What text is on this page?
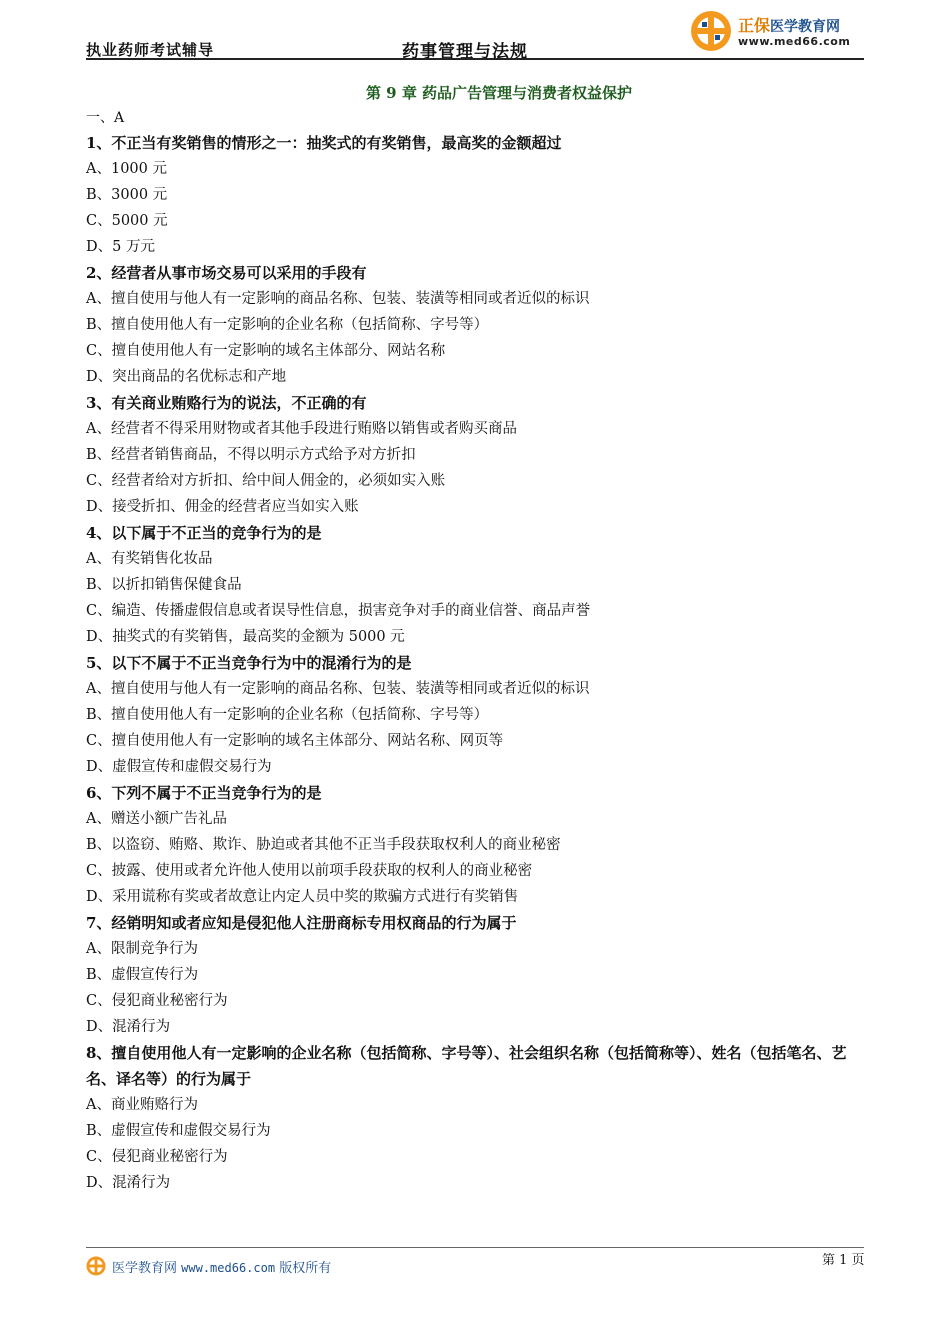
执业药师考试辅导	药事管理与法规
正保医学教育网
www.med66.com
第 9 章 药品广告管理与消费者权益保护
一、A
1、不正当有奖销售的情形之一：抽奖式的有奖销售，最高奖的金额超过
A、1000 元
B、3000 元
C、5000 元
D、5 万元
2、经营者从事市场交易可以采用的手段有
A、擅自使用与他人有一定影响的商品名称、包装、装潢等相同或者近似的标识
B、擅自使用他人有一定影响的企业名称（包括简称、字号等）
C、擅自使用他人有一定影响的域名主体部分、网站名称
D、突出商品的名优标志和产地
3、有关商业贿赂行为的说法，不正确的有
A、经营者不得采用财物或者其他手段进行贿赂以销售或者购买商品
B、经营者销售商品，不得以明示方式给予对方折扣
C、经营者给对方折扣、给中间人佣金的，必须如实入账
D、接受折扣、佣金的经营者应当如实入账
4、以下属于不正当的竞争行为的是
A、有奖销售化妆品
B、以折扣销售保健食品
C、编造、传播虚假信息或者误导性信息，损害竞争对手的商业信誉、商品声誉
D、抽奖式的有奖销售，最高奖的金额为 5000 元
5、以下不属于不正当竞争行为中的混淆行为的是
A、擅自使用与他人有一定影响的商品名称、包装、装潢等相同或者近似的标识
B、擅自使用他人有一定影响的企业名称（包括简称、字号等）
C、擅自使用他人有一定影响的域名主体部分、网站名称、网页等
D、虚假宣传和虚假交易行为
6、下列不属于不正当竞争行为的是
A、赠送小额广告礼品
B、以盗窃、贿赂、欺诈、胁迫或者其他不正当手段获取权利人的商业秘密
C、披露、使用或者允许他人使用以前项手段获取的权利人的商业秘密
D、采用谎称有奖或者故意让内定人员中奖的欺骗方式进行有奖销售
7、经销明知或者应知是侵犯他人注册商标专用权商品的行为属于
A、限制竞争行为
B、虚假宣传行为
C、侵犯商业秘密行为
D、混淆行为
8、擅自使用他人有一定影响的企业名称（包括简称、字号等）、社会组织名称（包括简称等）、姓名（包括笔名、艺名、译名等）的行为属于
A、商业贿赂行为
B、虚假宣传和虚假交易行为
C、侵犯商业秘密行为
D、混淆行为
第 1 页
医学教育网 www.med66.com 版权所有
